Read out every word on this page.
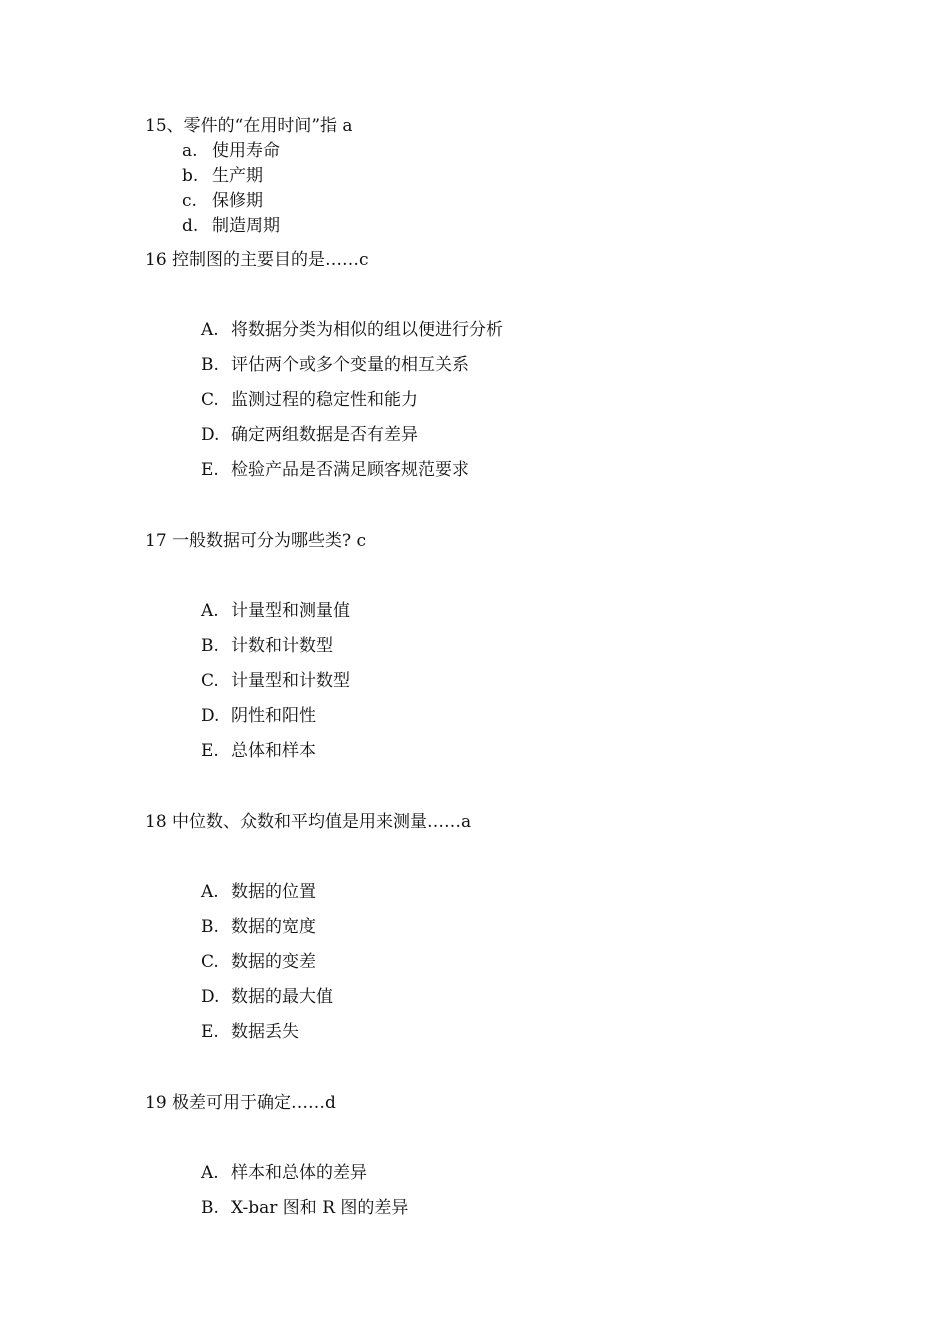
15、零件的“在用时间”指 a
a. 使用寿命
b. 生产期
c. 保修期
d. 制造周期
16 控制图的主要目的是……c
A. 将数据分类为相似的组以便进行分析
B. 评估两个或多个变量的相互关系
C. 监测过程的稳定性和能力
D. 确定两组数据是否有差异
E. 检验产品是否满足顾客规范要求
17 一般数据可分为哪些类? c
A. 计量型和测量值
B. 计数和计数型
C. 计量型和计数型
D. 阴性和阳性
E. 总体和样本
18 中位数、众数和平均值是用来测量……a
A. 数据的位置
B. 数据的宽度
C. 数据的变差
D. 数据的最大值
E. 数据丢失
19 极差可用于确定……d
A. 样本和总体的差异
B. X-bar 图和 R 图的差异
